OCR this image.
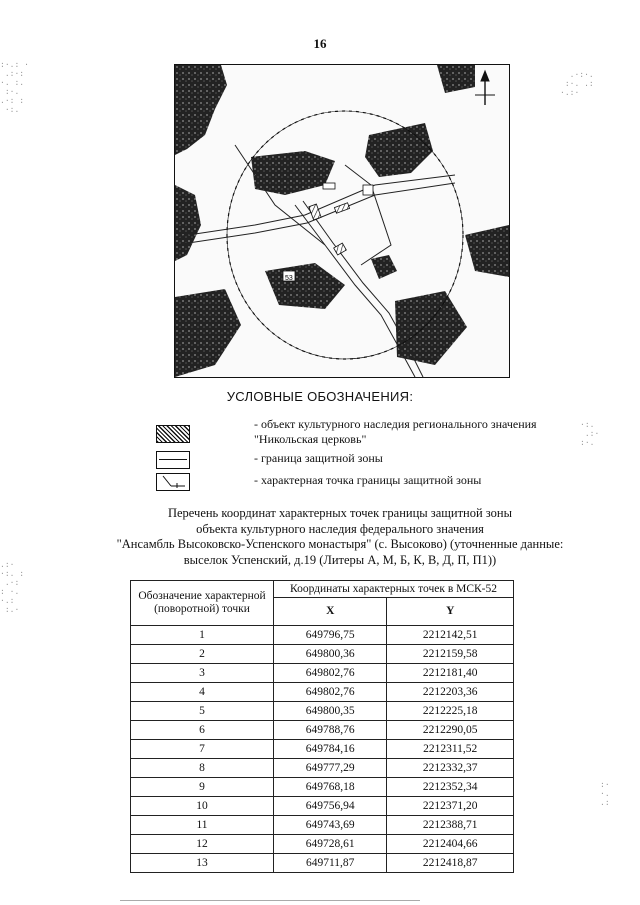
16
53
УСЛОВНЫЕ ОБОЗНАЧЕНИЯ:
- объект культурного наследия регионального значения "Никольская церковь"
- граница защитной зоны
- характерная точка границы защитной зоны
Перечень координат характерных точек границы защитной зоны
объекта культурного наследия федерального значения
"Ансамбль Высоковско-Успенского монастыря" (с. Высоково) (уточненные данные:
выселок Успенский, д.19 (Литеры А, М, Б, К, В, Д, П, П1))
Обозначение характерной (поворотной) точки	Координаты характерных точек в МСК-52	
	X	Y
1	649796,75	2212142,51
2	649800,36	2212159,58
3	649802,76	2212181,40
4	649802,76	2212203,36
5	649800,35	2212225,18
6	649788,76	2212290,05
7	649784,16	2212311,52
8	649777,29	2212332,37
9	649768,18	2212352,34
10	649756,94	2212371,20
11	649743,69	2212388,71
12	649728,61	2212404,66
13	649711,87	2212418,87
:·.: ·
.:·:
·. :.
:·.
.·: :
·:.
.:·
·:. :
.·:
: ·.
·.:
:.·
.·:·.
:·. .:
·.:·
·:.
.:·
:·.
:·
·.
.:
